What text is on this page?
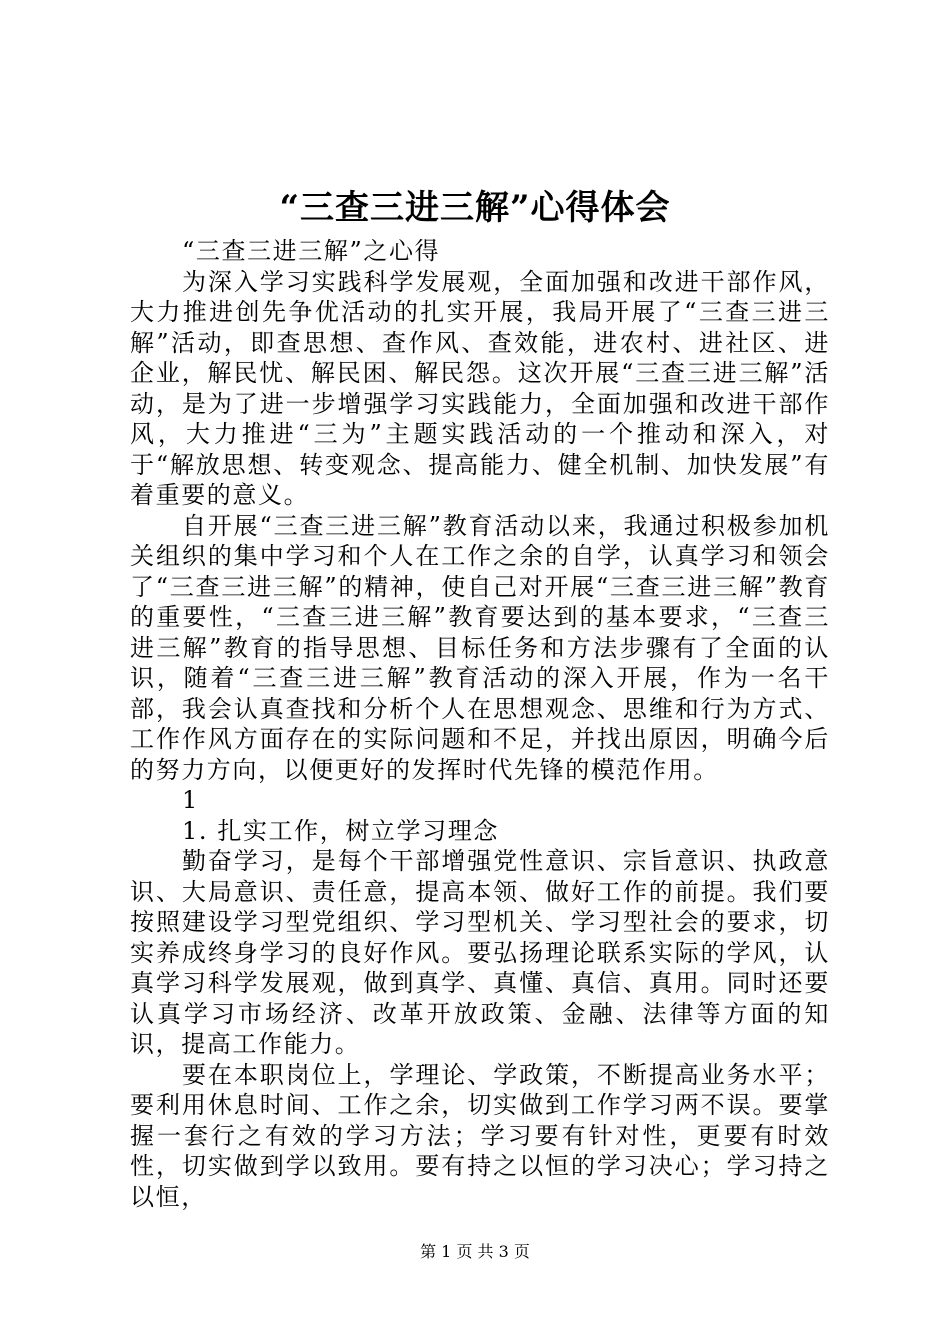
“三查三进三解”心得体会

“三查三进三解”之心得

为深入学习实践科学发展观，全面加强和改进干部作风，大力推进创先争优活动的扎实开展，我局开展了“三查三进三解”活动，即查思想、查作风、查效能，进农村、进社区、进企业，解民忧、解民困、解民怨。这次开展“三查三进三解”活动，是为了进一步增强学习实践能力，全面加强和改进干部作风，大力推进“三为”主题实践活动的一个推动和深入，对于“解放思想、转变观念、提高能力、健全机制、加快发展”有着重要的意义。

自开展“三查三进三解”教育活动以来，我通过积极参加机关组织的集中学习和个人在工作之余的自学，认真学习和领会了“三查三进三解”的精神，使自己对开展“三查三进三解”教育的重要性，“三查三进三解”教育要达到的基本要求，“三查三进三解”教育的指导思想、目标任务和方法步骤有了全面的认识，随着“三查三进三解”教育活动的深入开展，作为一名干部，我会认真查找和分析个人在思想观念、思维和行为方式、工作作风方面存在的实际问题和不足，并找出原因，明确今后的努力方向，以便更好的发挥时代先锋的模范作用。

1

1. 扎实工作，树立学习理念

勤奋学习，是每个干部增强党性意识、宗旨意识、执政意识、大局意识、责任意，提高本领、做好工作的前提。我们要按照建设学习型党组织、学习型机关、学习型社会的要求，切实养成终身学习的良好作风。要弘扬理论联系实际的学风，认真学习科学发展观，做到真学、真懂、真信、真用。同时还要认真学习市场经济、改革开放政策、金融、法律等方面的知识，提高工作能力。

要在本职岗位上，学理论、学政策，不断提高业务水平；要利用休息时间、工作之余，切实做到工作学习两不误。要掌握一套行之有效的学习方法；学习要有针对性，更要有时效性，切实做到学以致用。要有持之以恒的学习决心；学习持之以恒，

第 1 页 共 3 页
